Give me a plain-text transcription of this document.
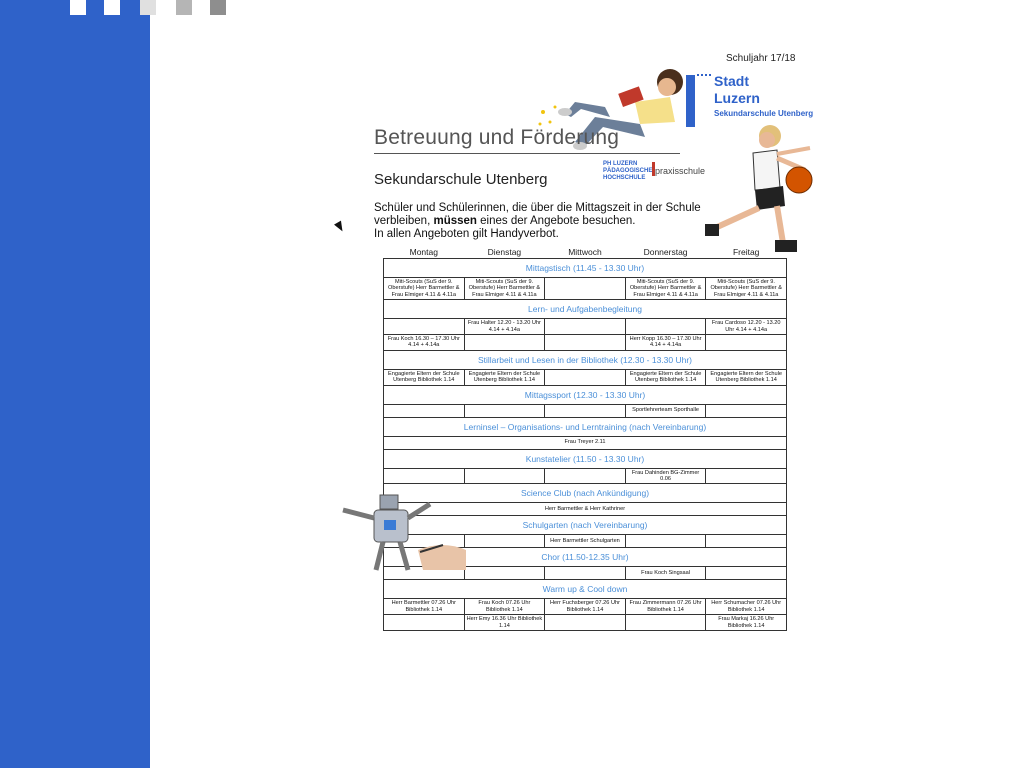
Schuljahr 17/18
Stadt
Luzern
Sekundarschule Utenberg
Betreuung und Förderung
PH LUZERN
PÄDAGOGISCHE
HOCHSCHULE
praxisschule
Sekundarschule Utenberg
Schüler und Schülerinnen, die über die Mittagszeit in der Schule
verbleiben, müssen eines der Angebote besuchen.
In allen Angeboten gilt Handyverbot.
Montag	Dienstag	Mittwoch	Donnerstag	Freitag
Mittagstisch (11.45 - 13.30 Uhr)				
Miti-Scouts (SuS der 9. Oberstufe) Herr Barmettler & Frau Elmiger 4.11 & 4.11a	Miti-Scouts (SuS der 9. Oberstufe) Herr Barmettler & Frau Elmiger 4.11 & 4.11a		Miti-Scouts (SuS der 9. Oberstufe) Herr Barmettler & Frau Elmiger 4.11 & 4.11a	Miti-Scouts (SuS der 9. Oberstufe) Herr Barmettler & Frau Elmiger 4.11 & 4.11a
Lern- und Aufgabenbegleitung				
	Frau Halter 12.20 - 13.20 Uhr 4.14 + 4.14a			Frau Cardoso 12.20 - 13.20 Uhr 4.14 + 4.14a
Frau Koch 16.30 – 17.30 Uhr 4.14 + 4.14a			Herr Kopp 16.30 – 17.30 Uhr 4.14 + 4.14a	
Stillarbeit und Lesen in der Bibliothek (12.30 - 13.30 Uhr)				
Engagierte Eltern der Schule Utenberg Bibliothek 1.14	Engagierte Eltern der Schule Utenberg Bibliothek 1.14		Engagierte Eltern der Schule Utenberg Bibliothek 1.14	Engagierte Eltern der Schule Utenberg Bibliothek 1.14
Mittagssport (12.30 - 13.30 Uhr)				
			Sportlehrerteam Sporthalle	
Lerninsel – Organisations- und Lerntraining (nach Vereinbarung)				
Frau Treyer 2.11				
Kunstatelier (11.50 - 13.30 Uhr)				
			Frau Dahinden BG-Zimmer 0.06	
Science Club (nach Ankündigung)				
Herr Barmettler & Herr Kathriner				
Schulgarten (nach Vereinbarung)				
		Herr Barmettler Schulgarten		
Chor (11.50-12.35 Uhr)				
			Frau Koch Singsaal	
Warm up & Cool down				
Herr Barmettler 07.26 Uhr Bibliothek 1.14	Frau Koch 07.26 Uhr Bibliothek 1.14	Herr Fuchsberger 07.26 Uhr Bibliothek 1.14	Frau Zimmermann 07.26 Uhr Bibliothek 1.14	Herr Schumacher 07.26 Uhr Bibliothek 1.14
	Herr Emy 16.36 Uhr Bibliothek 1.14			Frau Markaj 16.26 Uhr Bibliothek 1.14
